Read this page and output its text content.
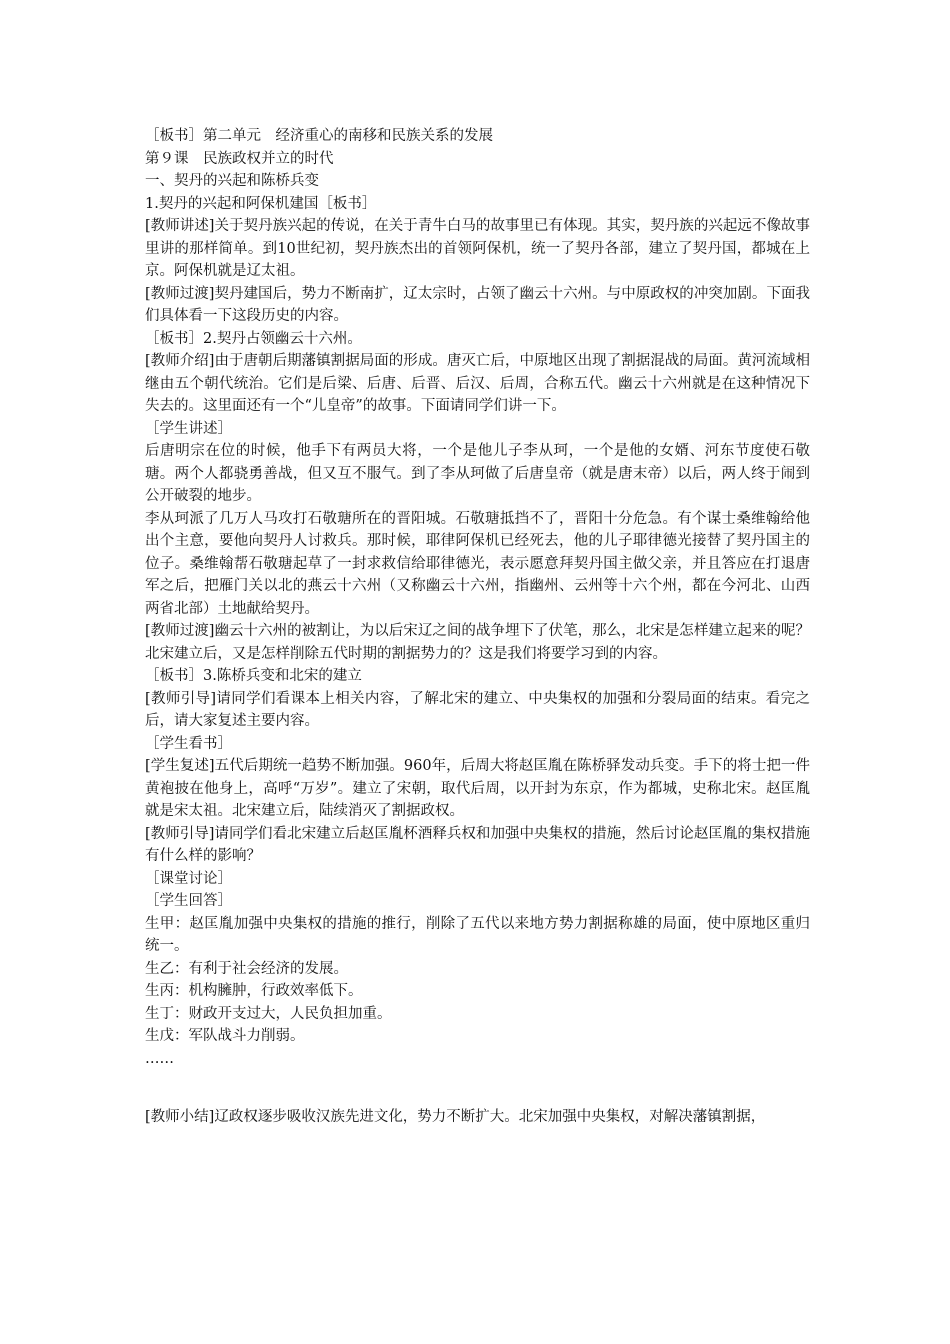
［板书］第二单元　经济重心的南移和民族关系的发展

第９课　民族政权并立的时代

一、契丹的兴起和陈桥兵变

1.契丹的兴起和阿保机建国［板书］

[教师讲述]关于契丹族兴起的传说，在关于青牛白马的故事里已有体现。其实，契丹族的兴起远不像故事里讲的那样简单。到10世纪初，契丹族杰出的首领阿保机，统一了契丹各部，建立了契丹国，都城在上京。阿保机就是辽太祖。

[教师过渡]契丹建国后，势力不断南扩，辽太宗时，占领了幽云十六州。与中原政权的冲突加剧。下面我们具体看一下这段历史的内容。

［板书］2.契丹占领幽云十六州。

[教师介绍]由于唐朝后期藩镇割据局面的形成。唐灭亡后，中原地区出现了割据混战的局面。黄河流域相继由五个朝代统治。它们是后梁、后唐、后晋、后汉、后周，合称五代。幽云十六州就是在这种情况下失去的。这里面还有一个“儿皇帝”的故事。下面请同学们讲一下。

［学生讲述］

后唐明宗在位的时候，他手下有两员大将，一个是他儿子李从珂，一个是他的女婿、河东节度使石敬瑭。两个人都骁勇善战，但又互不服气。到了李从珂做了后唐皇帝（就是唐末帝）以后，两人终于闹到公开破裂的地步。

李从珂派了几万人马攻打石敬瑭所在的晋阳城。石敬瑭抵挡不了，晋阳十分危急。有个谋士桑维翰给他出个主意，要他向契丹人讨救兵。那时候，耶律阿保机已经死去，他的儿子耶律德光接替了契丹国主的位子。桑维翰帮石敬瑭起草了一封求救信给耶律德光，表示愿意拜契丹国主做父亲，并且答应在打退唐军之后，把雁门关以北的燕云十六州（又称幽云十六州，指幽州、云州等十六个州，都在今河北、山西两省北部）土地献给契丹。

[教师过渡]幽云十六州的被割让，为以后宋辽之间的战争埋下了伏笔，那么，北宋是怎样建立起来的呢？北宋建立后，又是怎样削除五代时期的割据势力的？这是我们将要学习到的内容。

［板书］3.陈桥兵变和北宋的建立

[教师引导]请同学们看课本上相关内容，了解北宋的建立、中央集权的加强和分裂局面的结束。看完之后，请大家复述主要内容。

［学生看书］

[学生复述]五代后期统一趋势不断加强。960年，后周大将赵匡胤在陈桥驿发动兵变。手下的将士把一件黄袍披在他身上，高呼“万岁”。建立了宋朝，取代后周，以开封为东京，作为都城，史称北宋。赵匡胤就是宋太祖。北宋建立后，陆续消灭了割据政权。

[教师引导]请同学们看北宋建立后赵匡胤杯酒释兵权和加强中央集权的措施，然后讨论赵匡胤的集权措施有什么样的影响？

［课堂讨论］

［学生回答］

生甲：赵匡胤加强中央集权的措施的推行，削除了五代以来地方势力割据称雄的局面，使中原地区重归统一。

生乙：有利于社会经济的发展。

生丙：机构臃肿，行政效率低下。

生丁：财政开支过大，人民负担加重。

生戊：军队战斗力削弱。

……

[教师小结]辽政权逐步吸收汉族先进文化，势力不断扩大。北宋加强中央集权，对解决藩镇割据，
